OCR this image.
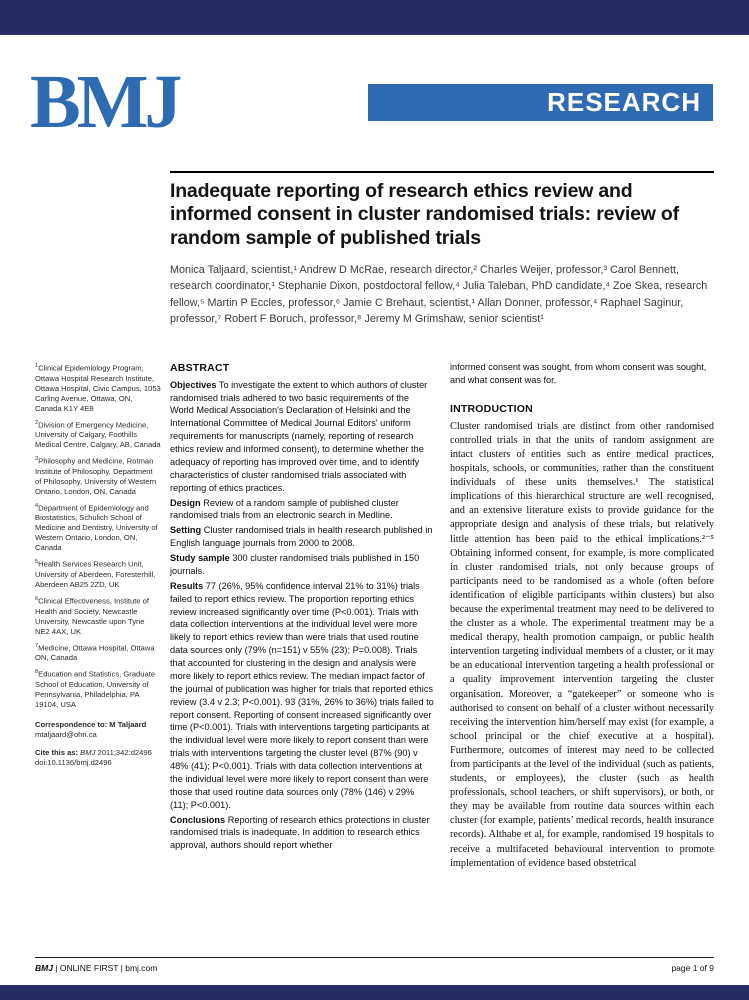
BMJ	RESEARCH
Inadequate reporting of research ethics review and informed consent in cluster randomised trials: review of random sample of published trials

Monica Taljaard, scientist,¹ Andrew D McRae, research director,² Charles Weijer, professor,³ Carol Bennett, research coordinator,¹ Stephanie Dixon, postdoctoral fellow,⁴ Julia Taleban, PhD candidate,⁴ Zoe Skea, research fellow,⁵ Martin P Eccles, professor,⁶ Jamie C Brehaut, scientist,¹ Allan Donner, professor,⁴ Raphael Saginur, professor,⁷ Robert F Boruch, professor,⁸ Jeremy M Grimshaw, senior scientist¹

$^1$Clinical Epidemiology Program, Ottawa Hospital Research Institute, Ottawa Hospital, Civic Campus, 1053 Carling Avenue, Ottawa, ON, Canada K1Y 4E9

$^2$Division of Emergency Medicine, University of Calgary, Foothills Medical Centre, Calgary, AB, Canada

$^3$Philosophy and Medicine, Rotman Institute of Philosophy, Department of Philosophy, University of Western Ontario, London, ON, Canada

$^4$Department of Epidemiology and Biostatistics, Schulich School of Medicine and Dentistry, University of Western Ontario, London, ON, Canada

$^5$Health Services Research Unit, University of Aberdeen, Foresterhill, Aberdeen AB25 2ZD, UK

$^6$Clinical Effectiveness, Institute of Health and Society, Newcastle University, Newcastle upon Tyne NE2 4AX, UK

$^7$Medicine, Ottawa Hospital, Ottawa ON, Canada

$^8$Education and Statistics, Graduate School of Education, University of Pennsylvania, Philadelphia, PA 19104, USA

Correspondence to: M Taljaard
mtaljaard@ohri.ca

Cite this as: BMJ 2011;342:d2496
doi:10.1136/bmj.d2496

ABSTRACT

Objectives To investigate the extent to which authors of cluster randomised trials adhered to two basic requirements of the World Medical Association's Declaration of Helsinki and the International Committee of Medical Journal Editors' uniform requirements for manuscripts (namely, reporting of research ethics review and informed consent), to determine whether the adequacy of reporting has improved over time, and to identify characteristics of cluster randomised trials associated with reporting of ethics practices.

Design Review of a random sample of published cluster randomised trials from an electronic search in Medline.

Setting Cluster randomised trials in health research published in English language journals from 2000 to 2008.

Study sample 300 cluster randomised trials published in 150 journals.

Results 77 (26%, 95% confidence interval 21% to 31%) trials failed to report ethics review. The proportion reporting ethics review increased significantly over time (P<0.001). Trials with data collection interventions at the individual level were more likely to report ethics review than were trials that used routine data sources only (79% (n=151) v 55% (23); P=0.008). Trials that accounted for clustering in the design and analysis were more likely to report ethics review. The median impact factor of the journal of publication was higher for trials that reported ethics review (3.4 v 2.3; P<0.001). 93 (31%, 26% to 36%) trials failed to report consent. Reporting of consent increased significantly over time (P<0.001). Trials with interventions targeting participants at the individual level were more likely to report consent than were trials with interventions targeting the cluster level (87% (90) v 48% (41); P<0.001). Trials with data collection interventions at the individual level were more likely to report consent than were those that used routine data sources only (78% (146) v 29% (11); P<0.001).

Conclusions Reporting of research ethics protections in cluster randomised trials is inadequate. In addition to research ethics approval, authors should report whether

informed consent was sought, from whom consent was sought, and what consent was for.

INTRODUCTION

Cluster randomised trials are distinct from other randomised controlled trials in that the units of random assignment are intact clusters of entities such as entire medical practices, hospitals, schools, or communities, rather than the constituent individuals of these units themselves.¹ The statistical implications of this hierarchical structure are well recognised, and an extensive literature exists to provide guidance for the appropriate design and analysis of these trials, but relatively little attention has been paid to the ethical implications.²⁻⁵ Obtaining informed consent, for example, is more complicated in cluster randomised trials, not only because groups of participants need to be randomised as a whole (often before identification of eligible participants within clusters) but also because the experimental treatment may need to be delivered to the cluster as a whole. The experimental treatment may be a medical therapy, health promotion campaign, or public health intervention targeting individual members of a cluster, or it may be an educational intervention targeting a health professional or a quality improvement intervention targeting the cluster organisation. Moreover, a “gatekeeper” or someone who is authorised to consent on behalf of a cluster without necessarily receiving the intervention him/herself may exist (for example, a school principal or the chief executive at a hospital). Furthermore, outcomes of interest may need to be collected from participants at the level of the individual (such as patients, students, or employees), the cluster (such as health professionals, school teachers, or shift supervisors), or both, or they may be available from routine data sources within each cluster (for example, patients’ medical records, health insurance records). Althabe et al, for example, randomised 19 hospitals to receive a multifaceted behavioural intervention to promote implementation of evidence based obstetrical

BMJ | ONLINE FIRST | bmj.com	page 1 of 9
